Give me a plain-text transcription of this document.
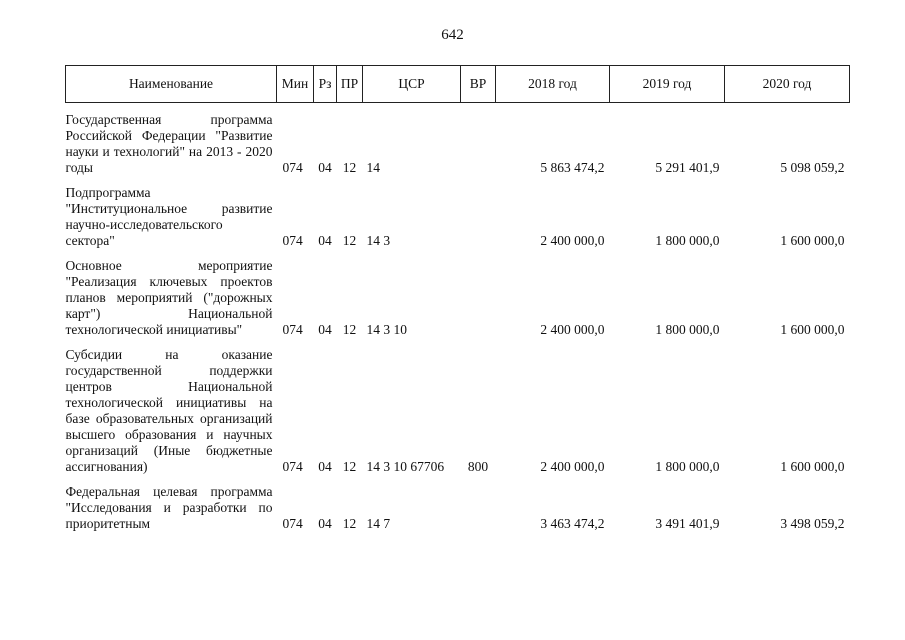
642
Наименование	Мин	Рз	ПР	ЦСР	ВР	2018 год	2019 год	2020 год

Государственная программа Российской Федерации "Развитие науки и технологий" на 2013 - 2020 годы	074	04	12	14		5 863 474,2	5 291 401,9	5 098 059,2

Подпрограмма "Институциональное развитие научно-исследовательского сектора"	074	04	12	14 3		2 400 000,0	1 800 000,0	1 600 000,0

Основное мероприятие "Реализация ключевых проектов планов мероприятий ("дорожных карт") Национальной технологической инициативы"	074	04	12	14 3 10		2 400 000,0	1 800 000,0	1 600 000,0

Субсидии на оказание государственной поддержки центров Национальной технологической инициативы на базе образовательных организаций высшего образования и научных организаций (Иные бюджетные ассигнования)	074	04	12	14 3 10 67706	800	2 400 000,0	1 800 000,0	1 600 000,0

Федеральная целевая программа "Исследования и разработки по приоритетным	074	04	12	14 7		3 463 474,2	3 491 401,9	3 498 059,2
